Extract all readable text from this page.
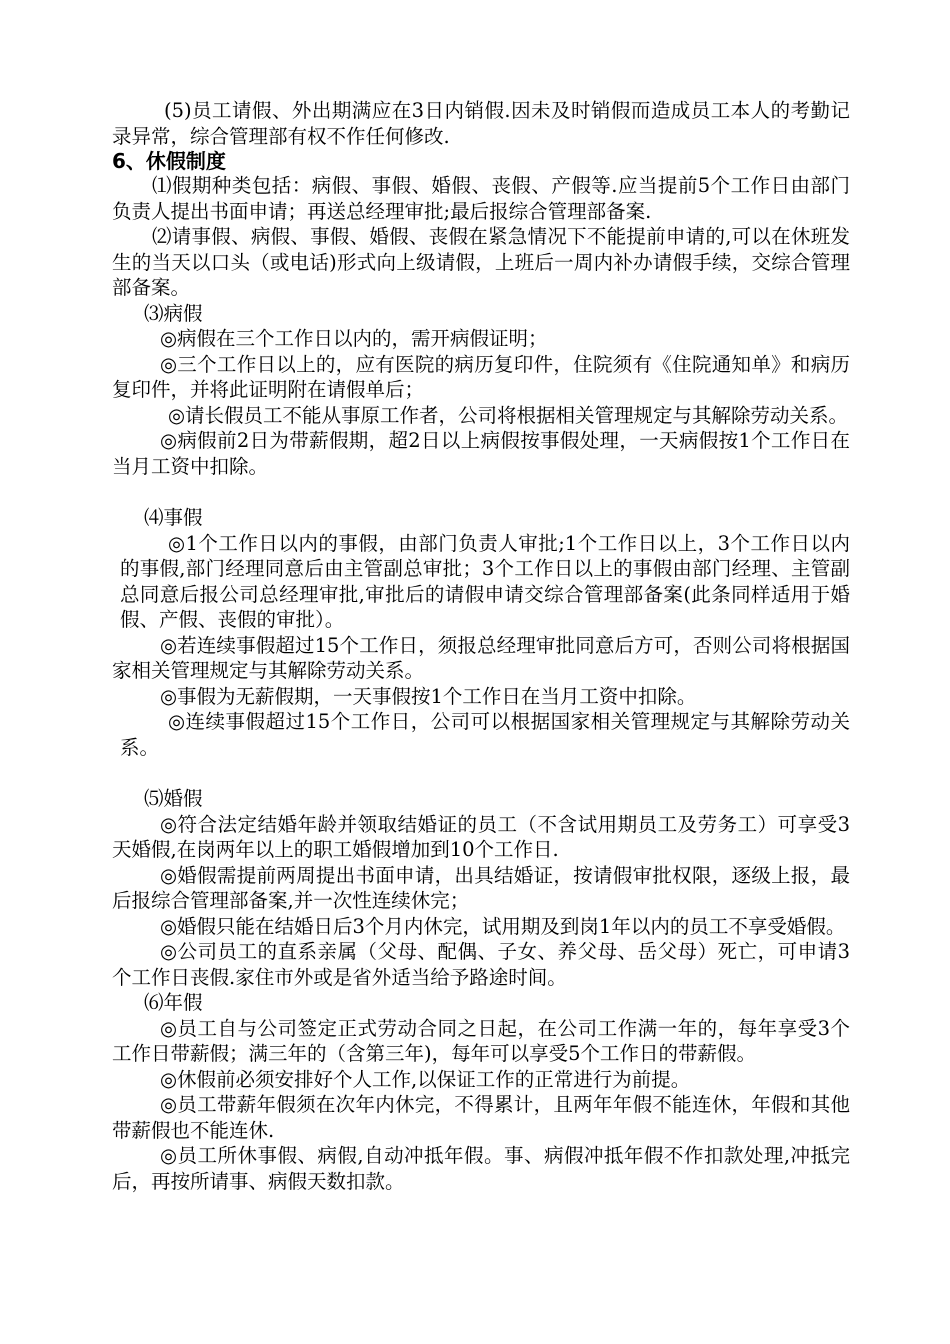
(5)员工请假、外出期满应在3日内销假.因未及时销假而造成员工本人的考勤记录异常，综合管理部有权不作任何修改.

6、休假制度

⑴假期种类包括：病假、事假、婚假、丧假、产假等.应当提前5个工作日由部门负责人提出书面申请；再送总经理审批;最后报综合管理部备案.

⑵请事假、病假、事假、婚假、丧假在紧急情况下不能提前申请的,可以在休班发生的当天以口头（或电话)形式向上级请假，上班后一周内补办请假手续，交综合管理部备案。

⑶病假

◎病假在三个工作日以内的，需开病假证明；

◎三个工作日以上的，应有医院的病历复印件，住院须有《住院通知单》和病历复印件，并将此证明附在请假单后；

◎请长假员工不能从事原工作者，公司将根据相关管理规定与其解除劳动关系。

◎病假前2日为带薪假期，超2日以上病假按事假处理，一天病假按1个工作日在当月工资中扣除。

⑷事假

◎1个工作日以内的事假，由部门负责人审批;1个工作日以上，3个工作日以内的事假,部门经理同意后由主管副总审批；3个工作日以上的事假由部门经理、主管副总同意后报公司总经理审批,审批后的请假申请交综合管理部备案(此条同样适用于婚假、产假、丧假的审批）。

◎若连续事假超过15个工作日，须报总经理审批同意后方可，否则公司将根据国家相关管理规定与其解除劳动关系。

◎事假为无薪假期，一天事假按1个工作日在当月工资中扣除。

◎连续事假超过15个工作日，公司可以根据国家相关管理规定与其解除劳动关系。

⑸婚假

◎符合法定结婚年龄并领取结婚证的员工（不含试用期员工及劳务工）可享受3天婚假,在岗两年以上的职工婚假增加到10个工作日.

◎婚假需提前两周提出书面申请，出具结婚证，按请假审批权限，逐级上报，最后报综合管理部备案,并一次性连续休完；

◎婚假只能在结婚日后3个月内休完，试用期及到岗1年以内的员工不享受婚假。

◎公司员工的直系亲属（父母、配偶、子女、养父母、岳父母）死亡，可申请3个工作日丧假.家住市外或是省外适当给予路途时间。

⑹年假

◎员工自与公司签定正式劳动合同之日起，在公司工作满一年的，每年享受3个工作日带薪假；满三年的（含第三年)，每年可以享受5个工作日的带薪假。

◎休假前必须安排好个人工作,以保证工作的正常进行为前提。

◎员工带薪年假须在次年内休完，不得累计，且两年年假不能连休，年假和其他带薪假也不能连休.

◎员工所休事假、病假,自动冲抵年假。事、病假冲抵年假不作扣款处理,冲抵完后，再按所请事、病假天数扣款。
